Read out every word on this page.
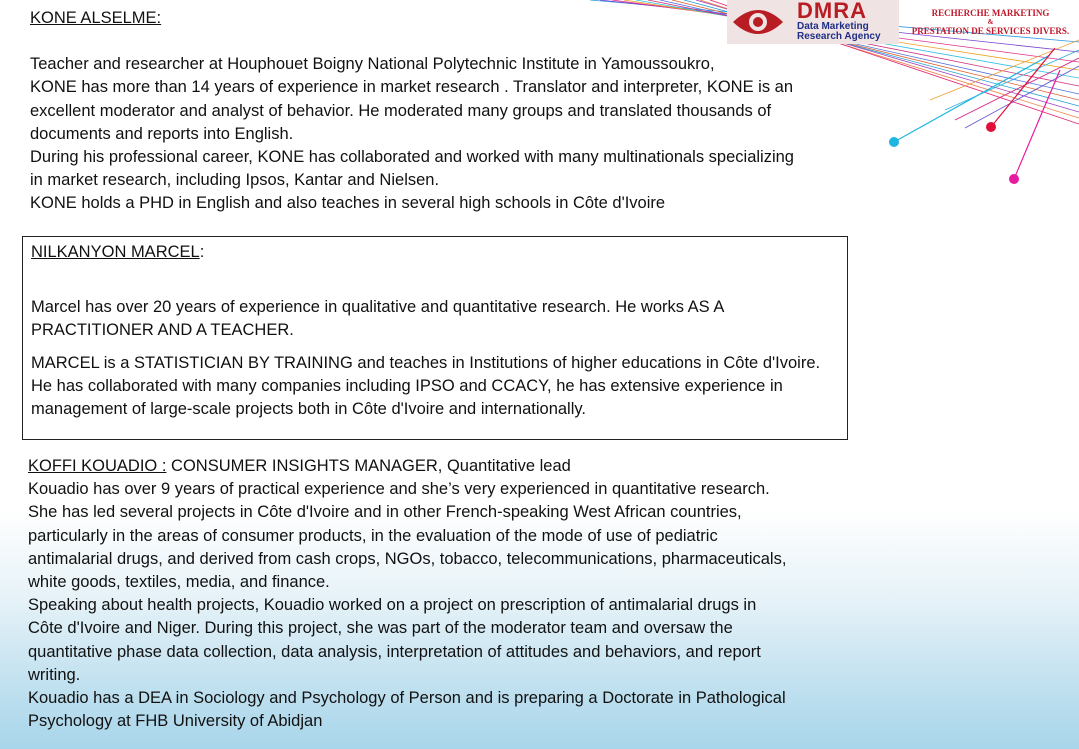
DMRA
Data Marketing
Research Agency
RECHERCHE MARKETING
&
PRESTATION DE SERVICES DIVERS.

KONE ALSELME:

Teacher and researcher at Houphouet Boigny National Polytechnic Institute in Yamoussoukro,

KONE has more than 14 years of experience in market research . Translator and interpreter, KONE is an

excellent moderator and analyst of behavior. He moderated many groups and translated thousands of

documents and reports into English.

During his professional career, KONE has collaborated and worked with many multinationals specializing

in market research, including Ipsos, Kantar and Nielsen.

KONE holds a PHD in English and also teaches in several high schools in Côte d'Ivoire

NILKANYON MARCEL:

Marcel has over 20 years of experience in qualitative and quantitative research. He works AS A

PRACTITIONER AND A TEACHER.

MARCEL is a STATISTICIAN BY TRAINING and teaches in Institutions of higher educations in Côte d'Ivoire.

He has collaborated with many companies including IPSO and CCACY, he has extensive experience in

management of large-scale projects both in Côte d'Ivoire and internationally.

KOFFI KOUADIO : CONSUMER INSIGHTS MANAGER, Quantitative lead

Kouadio has over 9 years of practical experience and she’s very experienced in quantitative research.

She has led several projects in Côte d'Ivoire and in other French-speaking West African countries,

particularly in the areas of consumer products, in the evaluation of the mode of use of pediatric

antimalarial drugs, and derived from cash crops, NGOs, tobacco, telecommunications, pharmaceuticals,

white goods, textiles, media, and finance.

Speaking about health projects, Kouadio worked on a project on prescription of antimalarial drugs in

Côte d'Ivoire and Niger. During this project, she was part of the moderator team and oversaw the

quantitative phase data collection, data analysis, interpretation of attitudes and behaviors, and report

writing.

Kouadio has a DEA in Sociology and Psychology of Person and is preparing a Doctorate in Pathological

Psychology at FHB University of Abidjan
